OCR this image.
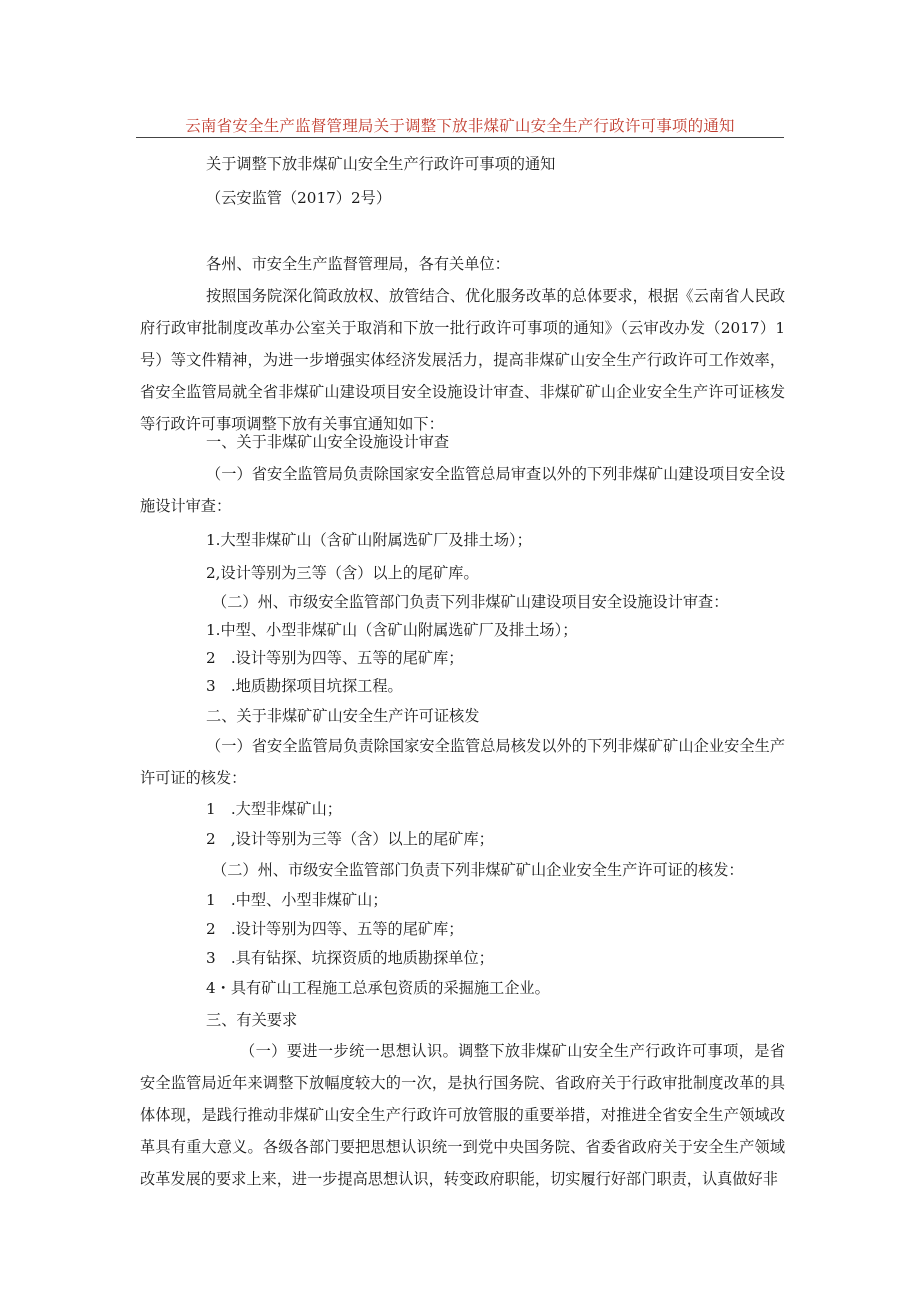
云南省安全生产监督管理局关于调整下放非煤矿山安全生产行政许可事项的通知
关于调整下放非煤矿山安全生产行政许可事项的通知
（云安监管（2017）2号）
各州、市安全生产监督管理局，各有关单位：
按照国务院深化简政放权、放管结合、优化服务改革的总体要求，根据《云南省人民政府行政审批制度改革办公室关于取消和下放一批行政许可事项的通知》（云审改办发（2017）1号）等文件精神，为进一步增强实体经济发展活力，提高非煤矿山安全生产行政许可工作效率，省安全监管局就全省非煤矿山建设项目安全设施设计审查、非煤矿矿山企业安全生产许可证核发等行政许可事项调整下放有关事宜通知如下：
一、关于非煤矿山安全设施设计审查
（一）省安全监管局负责除国家安全监管总局审查以外的下列非煤矿山建设项目安全设施设计审查：
1.大型非煤矿山（含矿山附属选矿厂及排土场）；
2,设计等别为三等（含）以上的尾矿库。
（二）州、市级安全监管部门负责下列非煤矿山建设项目安全设施设计审查：
1.中型、小型非煤矿山（含矿山附属选矿厂及排土场）；
2　.设计等别为四等、五等的尾矿库；
3　.地质勘探项目坑探工程。
二、关于非煤矿矿山安全生产许可证核发
（一）省安全监管局负责除国家安全监管总局核发以外的下列非煤矿矿山企业安全生产许可证的核发：
1　.大型非煤矿山；
2　,设计等别为三等（含）以上的尾矿库；
（二）州、市级安全监管部门负责下列非煤矿矿山企业安全生产许可证的核发：
1　.中型、小型非煤矿山；
2　.设计等别为四等、五等的尾矿库；
3　.具有钻探、坑探资质的地质勘探单位；
4・具有矿山工程施工总承包资质的采掘施工企业。
三、有关要求
（一）要进一步统一思想认识。调整下放非煤矿山安全生产行政许可事项，是省安全监管局近年来调整下放幅度较大的一次，是执行国务院、省政府关于行政审批制度改革的具体体现，是践行推动非煤矿山安全生产行政许可放管服的重要举措，对推进全省安全生产领域改革具有重大意义。各级各部门要把思想认识统一到党中央国务院、省委省政府关于安全生产领域改革发展的要求上来，进一步提高思想认识，转变政府职能，切实履行好部门职责，认真做好非
